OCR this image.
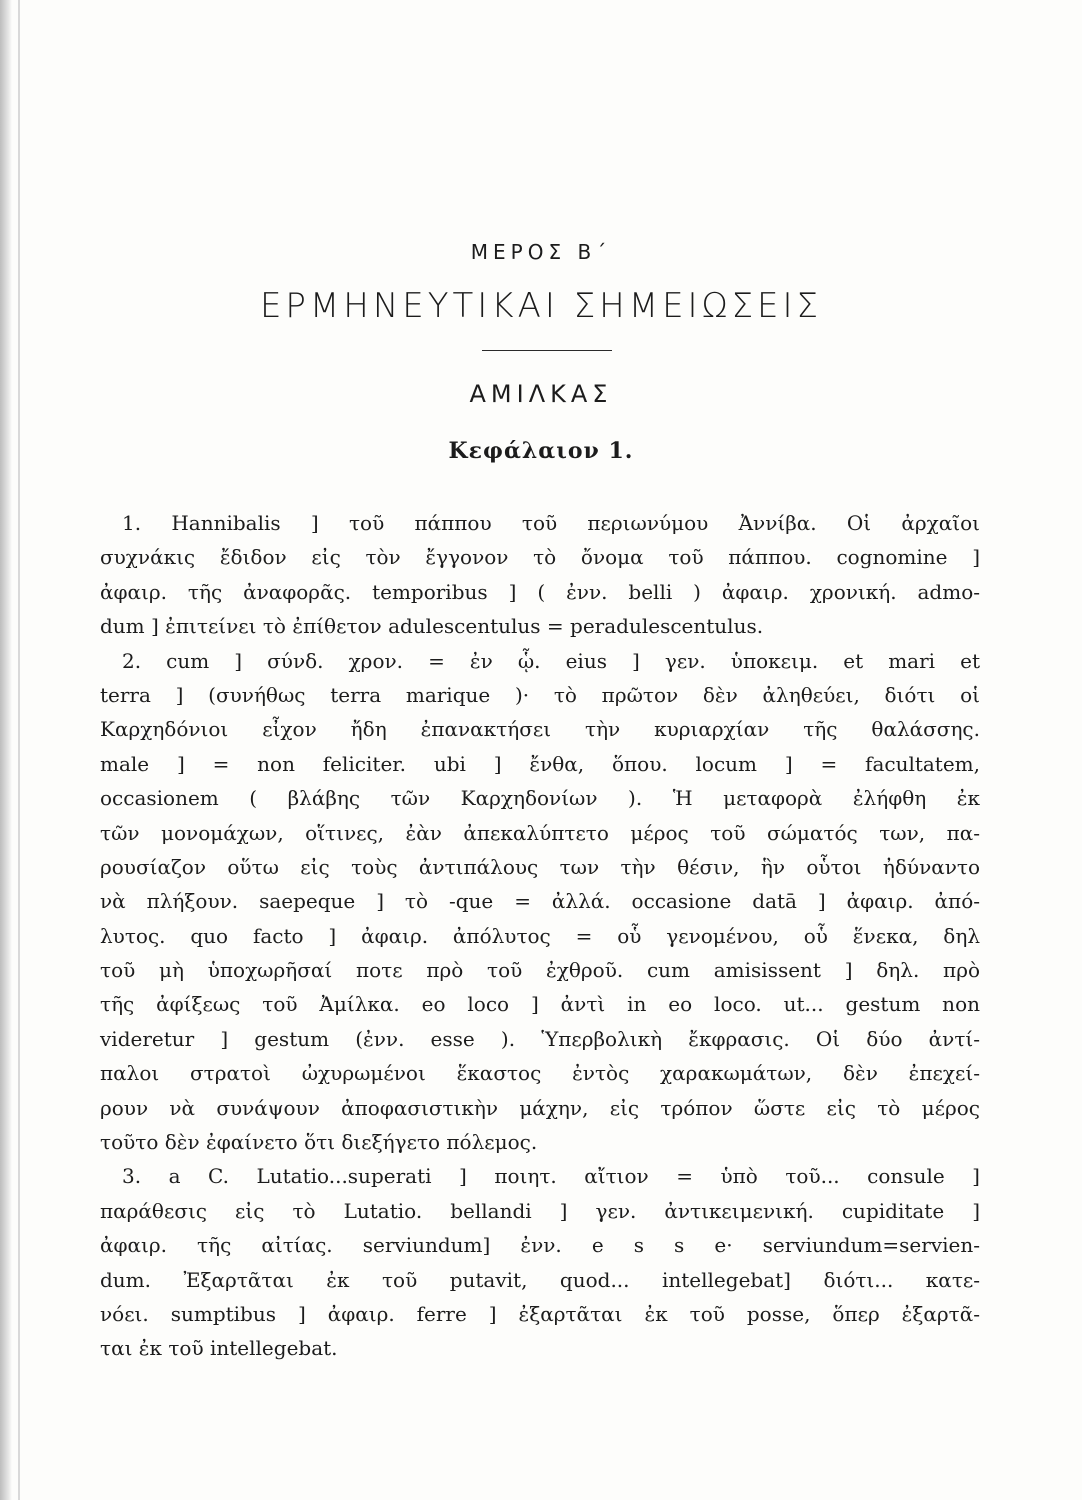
ΜΕΡΟΣ Β΄
ΕΡΜΗΝΕΥΤΙΚΑΙ ΣΗΜΕΙΩΣΕΙΣ
ΑΜΙΛΚΑΣ
Κεφάλαιον 1.
1. Hannibalis ] τοῦ πάππου τοῦ περιωνύμου Ἀννίβα. Οἱ ἀρχαῖοι
συχνάκις ἔδιδον εἰς τὸν ἔγγονον τὸ ὄνομα τοῦ πάππου. cognomine ]
ἀφαιρ. τῆς ἀναφορᾶς. temporibus ] ( ἐνν. belli ) ἀφαιρ. χρονική. admo-
dum ] ἐπιτείνει τὸ ἐπίθετον adulescentulus = peradulescentulus.
2. cum ] σύνδ. χρον. = ἐν ᾧ. eius ] γεν. ὑποκειμ. et mari et
terra ] (συνήθως terra marique )· τὸ πρῶτον δὲν ἀληθεύει, διότι οἱ
Καρχηδόνιοι εἶχον ἤδη ἐπανακτήσει τὴν κυριαρχίαν τῆς θαλάσσης.
male ] = non feliciter. ubi ] ἔνθα, ὅπου. locum ] = facultatem,
occasionem ( βλάβης τῶν Καρχηδονίων ). Ἡ μεταφορὰ ἐλήφθη ἐκ
τῶν μονομάχων, οἵτινες, ἐὰν ἀπεκαλύπτετο μέρος τοῦ σώματός των, πα-
ρουσίαζον οὕτω εἰς τοὺς ἀντιπάλους των τὴν θέσιν, ἣν οὗτοι ἠδύναντο
νὰ πλήξουν. saepeque ] τὸ -que = ἀλλά. occasione datā ] ἀφαιρ. ἀπό-
λυτος. quo facto ] ἀφαιρ. ἀπόλυτος = οὗ γενομένου, οὗ ἕνεκα, δηλ
τοῦ μὴ ὑποχωρῆσαί ποτε πρὸ τοῦ ἐχθροῦ. cum amisissent ] δηλ. πρὸ
τῆς ἀφίξεως τοῦ Ἀμίλκα. eo loco ] ἀντὶ in eo loco. ut... gestum non
videretur ] gestum (ἐνν. esse ). Ὑπερβολικὴ ἔκφρασις. Οἱ δύο ἀντί-
παλοι στρατοὶ ὠχυρωμένοι ἕκαστος ἐντὸς χαρακωμάτων, δὲν ἐπεχεί-
ρουν νὰ συνάψουν ἀποφασιστικὴν μάχην, εἰς τρόπον ὥστε εἰς τὸ μέρος
τοῦτο δὲν ἐφαίνετο ὅτι διεξήγετο πόλεμος.
3. a C. Lutatio...superati ] ποιητ. αἴτιον = ὑπὸ τοῦ... consule ]
παράθεσις εἰς τὸ Lutatio. bellandi ] γεν. ἀντικειμενική. cupiditate ]
ἀφαιρ. τῆς αἰτίας. serviundum] ἐνν. e s s e· serviundum=servien-
dum. Ἐξαρτᾶται ἐκ τοῦ putavit, quod... intellegebat] διότι... κατε-
νόει. sumptibus ] ἀφαιρ. ferre ] ἐξαρτᾶται ἐκ τοῦ posse, ὅπερ ἐξαρτᾶ-
ται ἐκ τοῦ intellegebat.
